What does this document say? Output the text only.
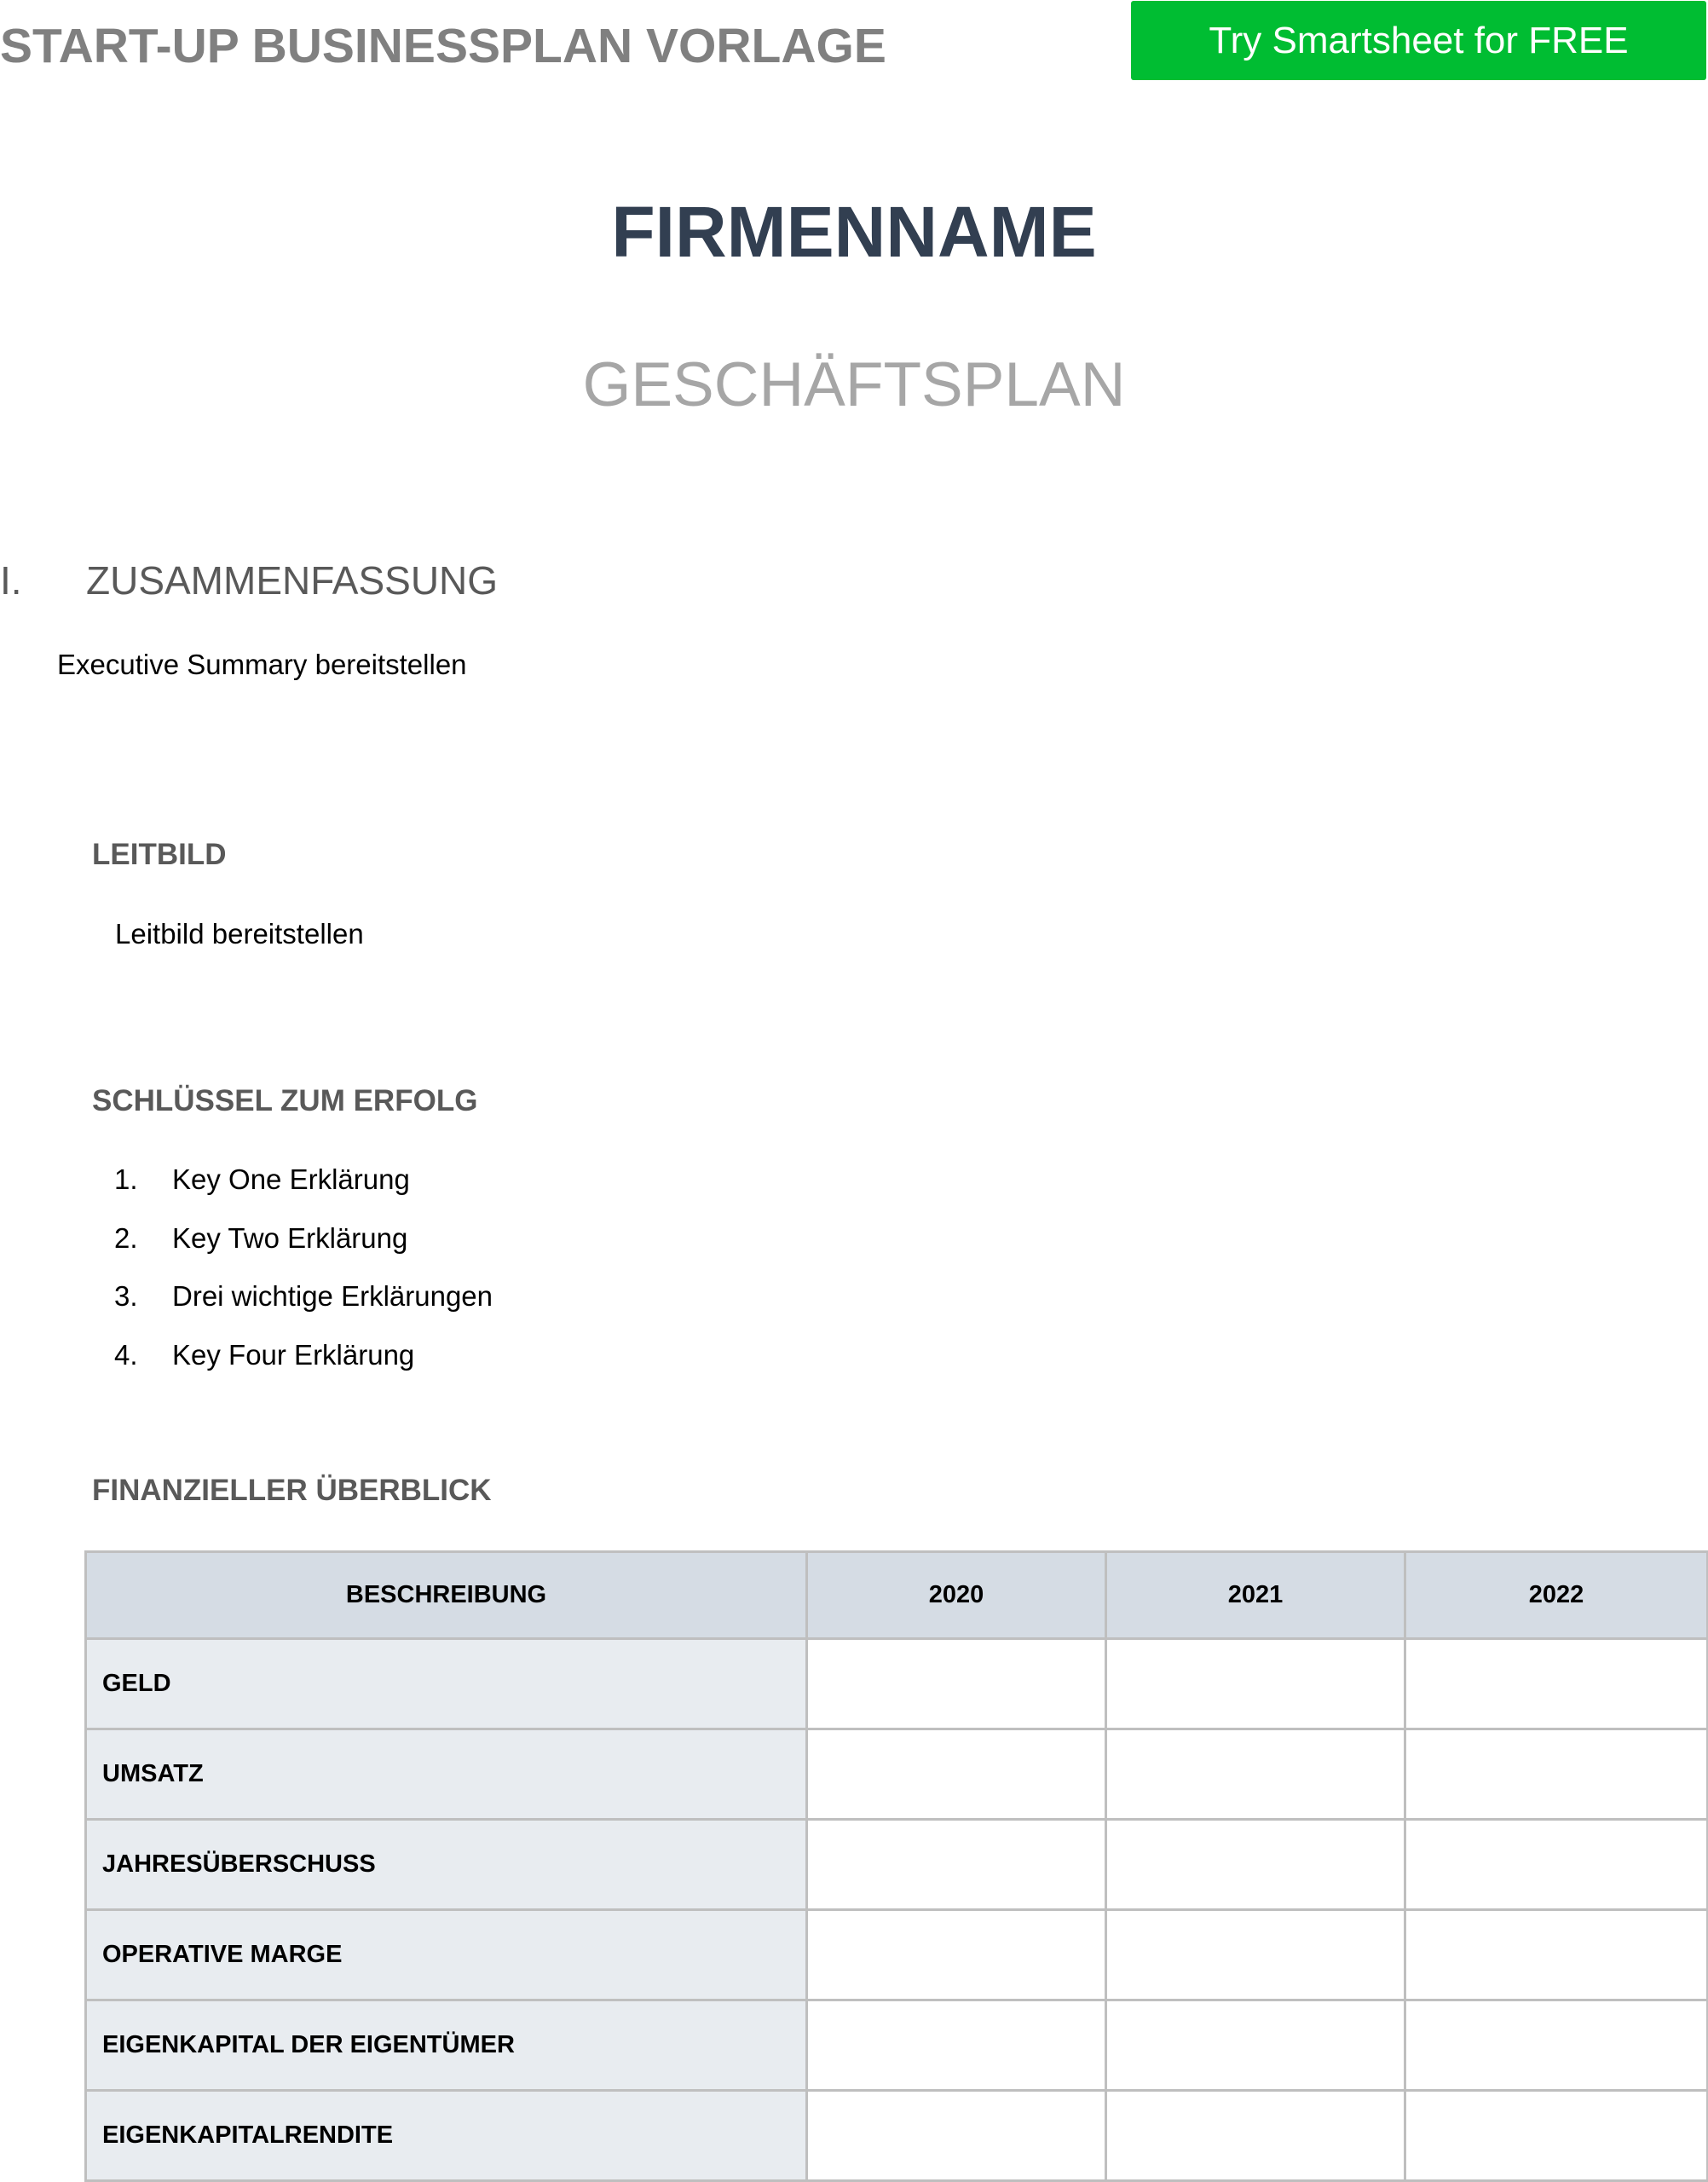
START-UP BUSINESSPLAN VORLAGE	Try Smartsheet for FREE
FIRMENNAME
GESCHÄFTSPLAN
I. ZUSAMMENFASSUNG
Executive Summary bereitstellen
LEITBILD
Leitbild bereitstellen
SCHLÜSSEL ZUM ERFOLG
1. Key One Erklärung
2. Key Two Erklärung
3. Drei wichtige Erklärungen
4. Key Four Erklärung
FINANZIELLER ÜBERBLICK
BESCHREIBUNG	2020	2021	2022
GELD			
UMSATZ			
JAHRESÜBERSCHUSS			
OPERATIVE MARGE			
EIGENKAPITAL DER EIGENTÜMER			
EIGENKAPITALRENDITE			
